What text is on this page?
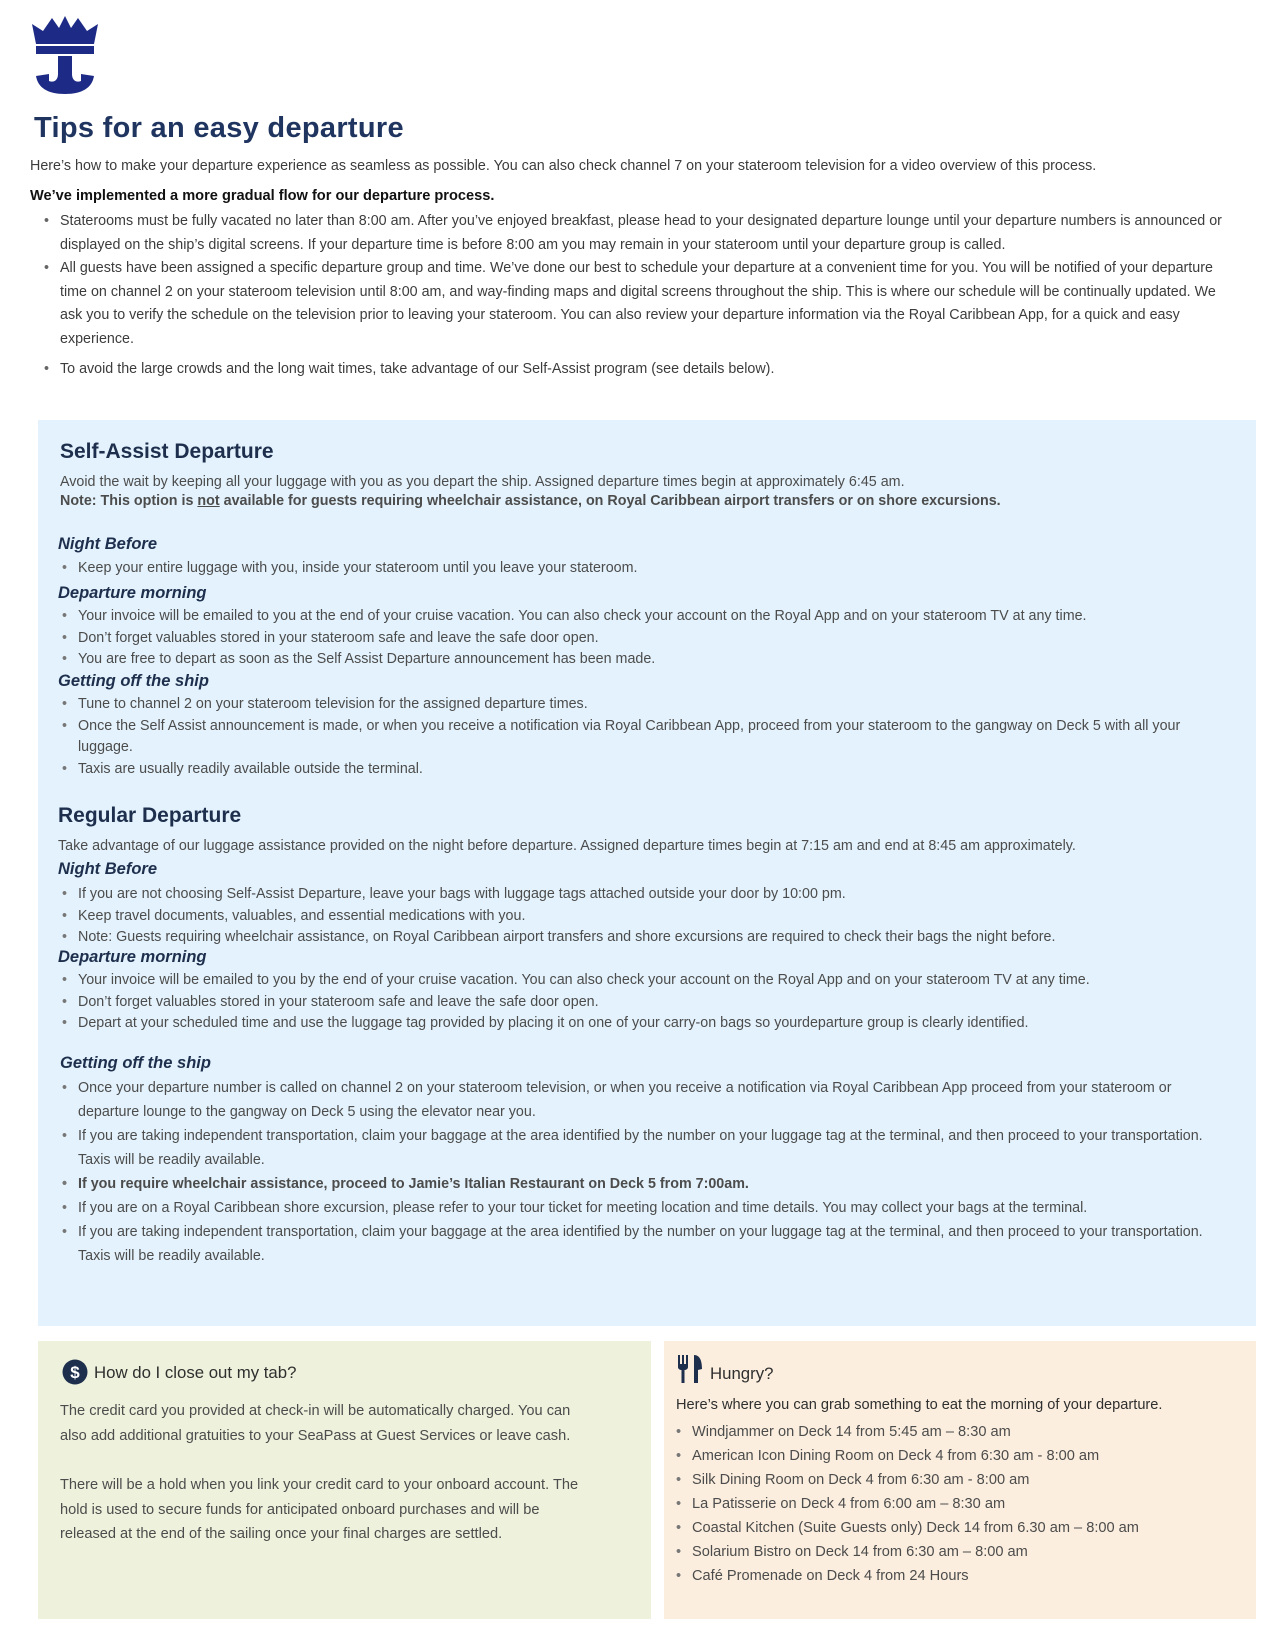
Tips for an easy departure
Here’s how to make your departure experience as seamless as possible. You can also check channel 7 on your stateroom television for a video overview of this process.
We’ve implemented a more gradual flow for our departure process.
• Staterooms must be fully vacated no later than 8:00 am. After you’ve enjoyed breakfast, please head to your designated departure lounge until your departure numbers is announced or displayed on the ship’s digital screens. If your departure time is before 8:00 am you may remain in your stateroom until your departure group is called.
• All guests have been assigned a specific departure group and time. We’ve done our best to schedule your departure at a convenient time for you. You will be notified of your departure time on channel 2 on your stateroom television until 8:00 am, and way-finding maps and digital screens throughout the ship. This is where our schedule will be continually updated. We ask you to verify the schedule on the television prior to leaving your stateroom. You can also review your departure information via the Royal Caribbean App, for a quick and easy experience.
• To avoid the large crowds and the long wait times, take advantage of our Self-Assist program (see details below).
Self-Assist Departure
Avoid the wait by keeping all your luggage with you as you depart the ship. Assigned departure times begin at approximately 6:45 am.
Note: This option is not available for guests requiring wheelchair assistance, on Royal Caribbean airport transfers or on shore excursions.
Night Before
• Keep your entire luggage with you, inside your stateroom until you leave your stateroom.
Departure morning
• Your invoice will be emailed to you at the end of your cruise vacation. You can also check your account on the Royal App and on your stateroom TV at any time.
• Don’t forget valuables stored in your stateroom safe and leave the safe door open.
• You are free to depart as soon as the Self Assist Departure announcement has been made.
Getting off the ship
• Tune to channel 2 on your stateroom television for the assigned departure times.
• Once the Self Assist announcement is made, or when you receive a notification via Royal Caribbean App, proceed from your stateroom to the gangway on Deck 5 with all your luggage.
• Taxis are usually readily available outside the terminal.
Regular Departure
Take advantage of our luggage assistance provided on the night before departure. Assigned departure times begin at 7:15 am and end at 8:45 am approximately.
Night Before
• If you are not choosing Self-Assist Departure, leave your bags with luggage tags attached outside your door by 10:00 pm.
• Keep travel documents, valuables, and essential medications with you.
• Note: Guests requiring wheelchair assistance, on Royal Caribbean airport transfers and shore excursions are required to check their bags the night before.
Departure morning
• Your invoice will be emailed to you by the end of your cruise vacation. You can also check your account on the Royal App and on your stateroom TV at any time.
• Don’t forget valuables stored in your stateroom safe and leave the safe door open.
• Depart at your scheduled time and use the luggage tag provided by placing it on one of your carry-on bags so yourdeparture group is clearly identified.
Getting off the ship
• Once your departure number is called on channel 2 on your stateroom television, or when you receive a notification via Royal Caribbean App proceed from your stateroom or departure lounge to the gangway on Deck 5 using the elevator near you.
• If you are taking independent transportation, claim your baggage at the area identified by the number on your luggage tag at the terminal, and then proceed to your transportation. Taxis will be readily available.
• If you require wheelchair assistance, proceed to Jamie’s Italian Restaurant on Deck 5 from 7:00am.
• If you are on a Royal Caribbean shore excursion, please refer to your tour ticket for meeting location and time details. You may collect your bags at the terminal.
• If you are taking independent transportation, claim your baggage at the area identified by the number on your luggage tag at the terminal, and then proceed to your transportation. Taxis will be readily available.
$ How do I close out my tab?
The credit card you provided at check-in will be automatically charged. You can also add additional gratuities to your SeaPass at Guest Services or leave cash.
There will be a hold when you link your credit card to your onboard account. The hold is used to secure funds for anticipated onboard purchases and will be released at the end of the sailing once your final charges are settled.
Hungry?
Here’s where you can grab something to eat the morning of your departure.
• Windjammer on Deck 14 from 5:45 am – 8:30 am
• American Icon Dining Room on Deck 4 from 6:30 am - 8:00 am
• Silk Dining Room on Deck 4 from 6:30 am - 8:00 am
• La Patisserie on Deck 4 from 6:00 am – 8:30 am
• Coastal Kitchen (Suite Guests only) Deck 14 from 6.30 am – 8:00 am
• Solarium Bistro on Deck 14 from 6:30 am – 8:00 am
• Café Promenade on Deck 4 from 24 Hours
